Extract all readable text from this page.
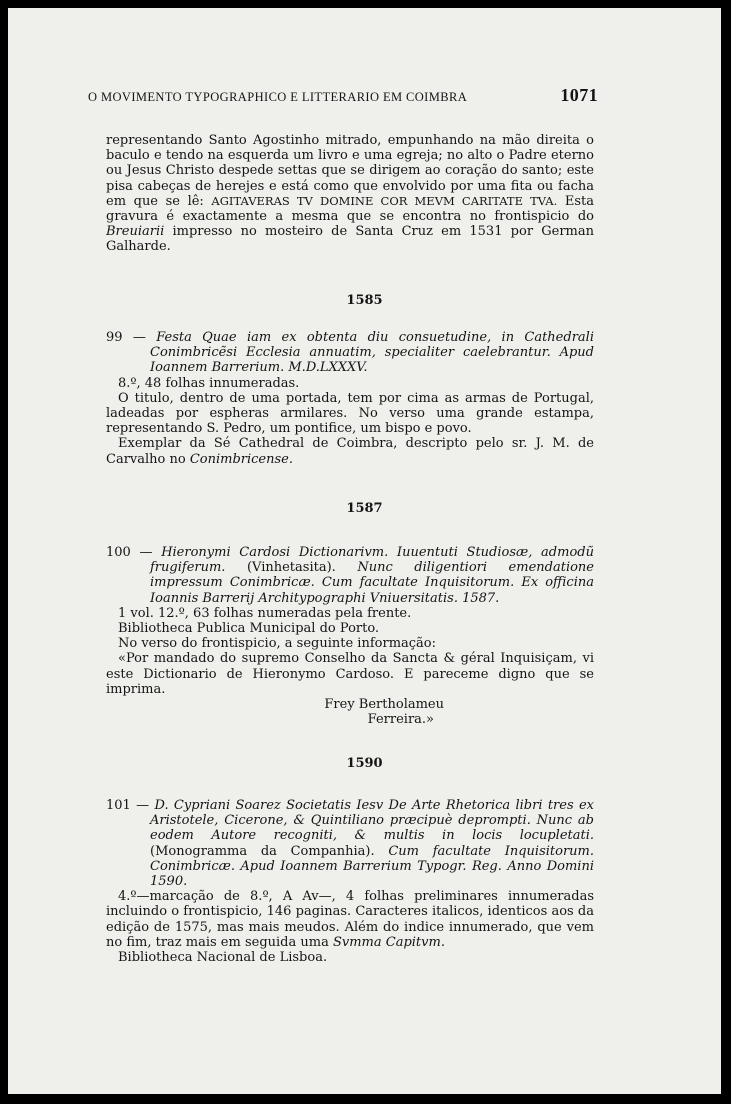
O MOVIMENTO TYPOGRAPHICO E LITTERARIO EM COIMBRA	1071
representando Santo Agostinho mitrado, empunhando na mão direita o baculo e tendo na esquerda um livro e uma egreja; no alto o Padre eterno ou Jesus Christo despede settas que se dirigem ao coração do santo; este pisa cabeças de herejes e está como que envolvido por uma fita ou facha em que se lê: AGITAVERAS TV DOMINE COR MEVM CARITATE TVA. Esta gravura é exactamente a mesma que se encontra no frontispicio do Breuiarii impresso no mosteiro de Santa Cruz em 1531 por German Galharde.
1585
99 — Festa Quae iam ex obtenta diu consuetudine, in Cathedrali Conimbricẽsi Ecclesia annuatim, specialiter caelebrantur. Apud Ioannem Barrerium. M.D.LXXXV.
8.º, 48 folhas innumeradas.
O titulo, dentro de uma portada, tem por cima as armas de Portugal, ladeadas por espheras armilares. No verso uma grande estampa, representando S. Pedro, um pontifice, um bispo e povo.
Exemplar da Sé Cathedral de Coimbra, descripto pelo sr. J. M. de Carvalho no Conimbricense.
1587
100 — Hieronymi Cardosi Dictionarivm. Iuuentuti Studiosæ, admodũ frugiferum. (Vinhetasita). Nunc diligentiori emendatione impressum Conimbricæ. Cum facultate Inquisitorum. Ex officina Ioannis Barrerij Architypographi Vniuersitatis. 1587.
1 vol. 12.º, 63 folhas numeradas pela frente.
Bibliotheca Publica Municipal do Porto.
No verso do frontispicio, a seguinte informação:
«Por mandado do supremo Conselho da Sancta & géral Inquisiçam, vi este Dictionario de Hieronymo Cardoso. E pareceme digno que se imprima.
Frey Bertholameu
Ferreira.»
1590
101 — D. Cypriani Soarez Societatis Iesv De Arte Rhetorica libri tres ex Aristotele, Cicerone, & Quintiliano præcipuè deprompti. Nunc ab eodem Autore recogniti, & multis in locis locupletati. (Monogramma da Companhia). Cum facultate Inquisitorum. Conimbricæ. Apud Ioannem Barrerium Typogr. Reg. Anno Domini 1590.
4.º—marcação de 8.º, A Av—, 4 folhas preliminares innumeradas incluindo o frontispicio, 146 paginas. Caracteres italicos, identicos aos da edição de 1575, mas mais meudos. Além do indice innumerado, que vem no fim, traz mais em seguida uma Svmma Capitvm.
Bibliotheca Nacional de Lisboa.
